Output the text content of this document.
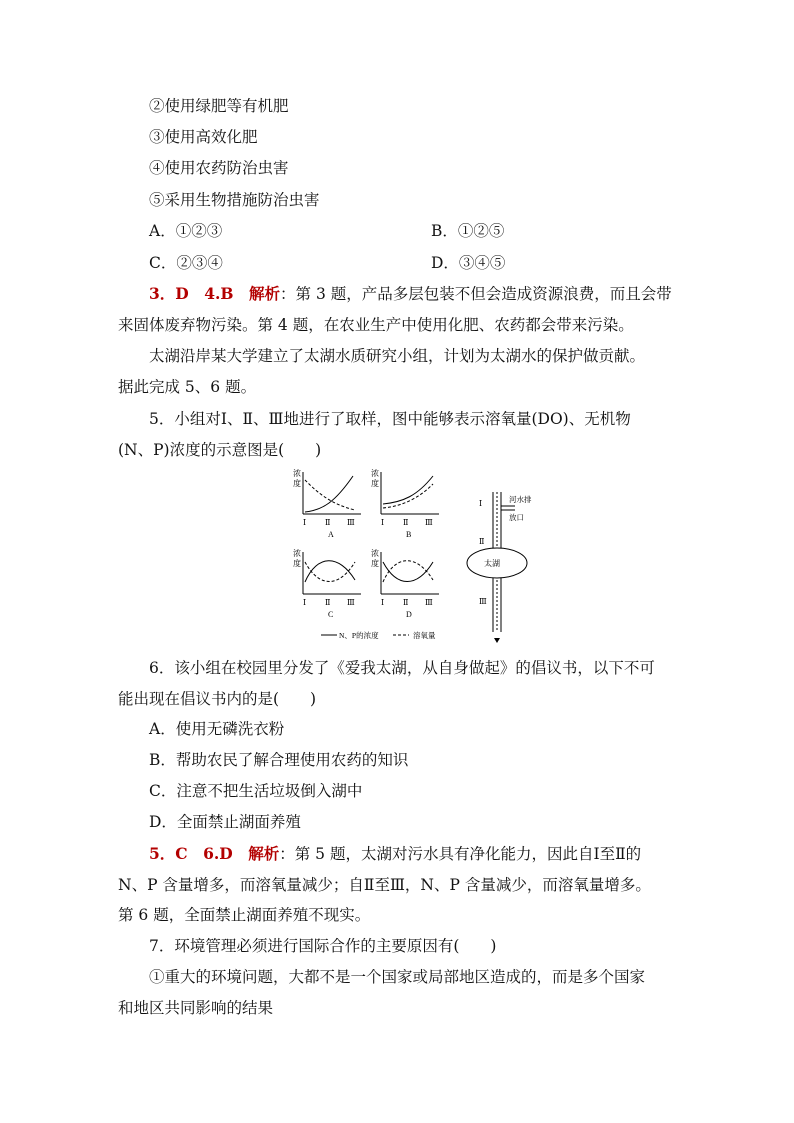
②使用绿肥等有机肥
③使用高效化肥
④使用农药防治虫害
⑤采用生物措施防治虫害
A．①②③	B．①②⑤
C．②③④	D．③④⑤
3．D　4.B　解析：第 3 题，产品多层包装不但会造成资源浪费，而且会带
来固体废弃物污染。第 4 题，在农业生产中使用化肥、农药都会带来污染。
太湖沿岸某大学建立了太湖水质研究小组，计划为太湖水的保护做贡献。
据此完成 5、6 题。
5．小组对Ⅰ、Ⅱ、Ⅲ地进行了取样，图中能够表示溶氧量(DO)、无机物
(N、P)浓度的示意图是(　　)
浓
度
Ⅰ Ⅱ Ⅲ
A
浓
度
Ⅰ Ⅱ Ⅲ
B
浓
度
Ⅰ Ⅱ Ⅲ
C
浓
度
Ⅰ Ⅱ Ⅲ
D
Ⅰ
Ⅱ
Ⅲ
河水排
放口
太湖
N、P的浓度	溶氧量
6．该小组在校园里分发了《爱我太湖，从自身做起》的倡议书，以下不可
能出现在倡议书内的是(　　)
A．使用无磷洗衣粉
B．帮助农民了解合理使用农药的知识
C．注意不把生活垃圾倒入湖中
D．全面禁止湖面养殖
5．C　6.D　解析：第 5 题，太湖对污水具有净化能力，因此自Ⅰ至Ⅱ的
N、P 含量增多，而溶氧量减少；自Ⅱ至Ⅲ，N、P 含量减少，而溶氧量增多。
第 6 题，全面禁止湖面养殖不现实。
7．环境管理必须进行国际合作的主要原因有(　　)
①重大的环境问题，大都不是一个国家或局部地区造成的，而是多个国家
和地区共同影响的结果
